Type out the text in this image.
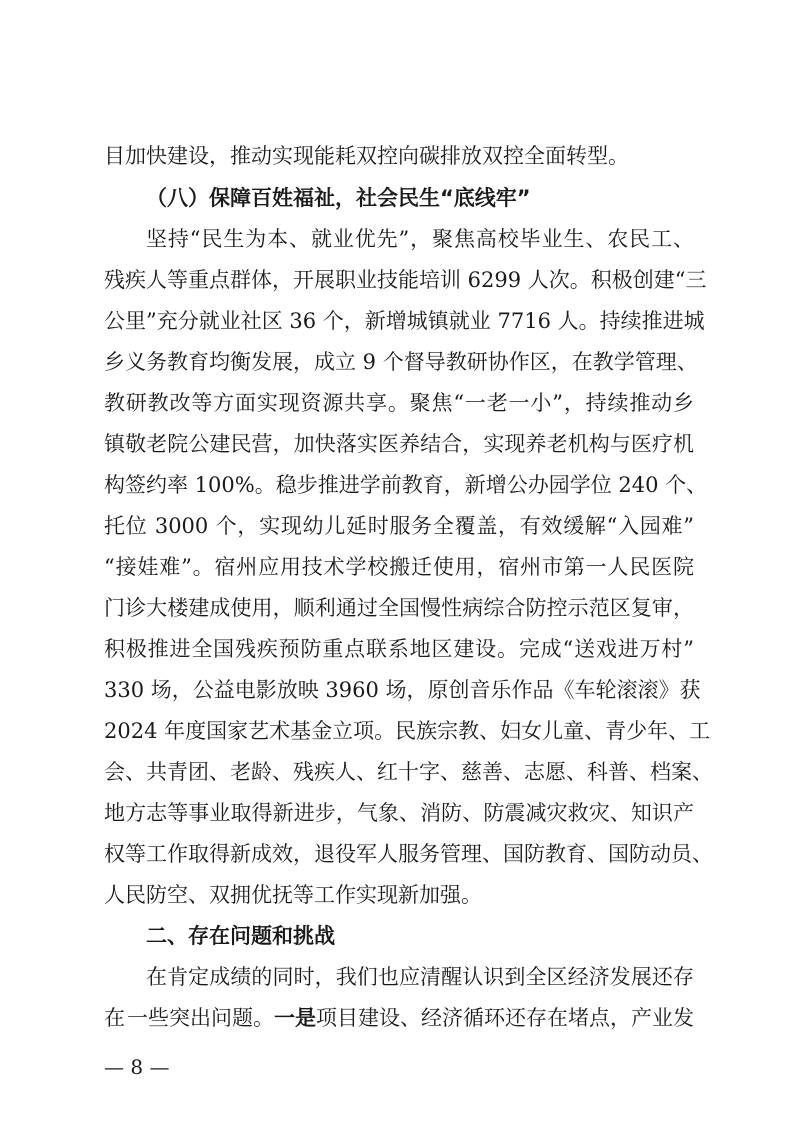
目加快建设，推动实现能耗双控向碳排放双控全面转型。
（八）保障百姓福祉，社会民生“底线牢”
坚持“民生为本、就业优先”，聚焦高校毕业生、农民工、
残疾人等重点群体，开展职业技能培训 6299 人次。积极创建“三
公里”充分就业社区 36 个，新增城镇就业 7716 人。持续推进城
乡义务教育均衡发展，成立 9 个督导教研协作区，在教学管理、
教研教改等方面实现资源共享。聚焦“一老一小”，持续推动乡
镇敬老院公建民营，加快落实医养结合，实现养老机构与医疗机
构签约率 100%。稳步推进学前教育，新增公办园学位 240 个、
托位 3000 个，实现幼儿延时服务全覆盖，有效缓解“入园难”
“接娃难”。宿州应用技术学校搬迁使用，宿州市第一人民医院
门诊大楼建成使用，顺利通过全国慢性病综合防控示范区复审，
积极推进全国残疾预防重点联系地区建设。完成“送戏进万村”
330 场，公益电影放映 3960 场，原创音乐作品《车轮滚滚》获
2024 年度国家艺术基金立项。民族宗教、妇女儿童、青少年、工
会、共青团、老龄、残疾人、红十字、慈善、志愿、科普、档案、
地方志等事业取得新进步，气象、消防、防震减灾救灾、知识产
权等工作取得新成效，退役军人服务管理、国防教育、国防动员、
人民防空、双拥优抚等工作实现新加强。
二、存在问题和挑战
在肯定成绩的同时，我们也应清醒认识到全区经济发展还存
在一些突出问题。一是项目建设、经济循环还存在堵点，产业发
— 8 —
